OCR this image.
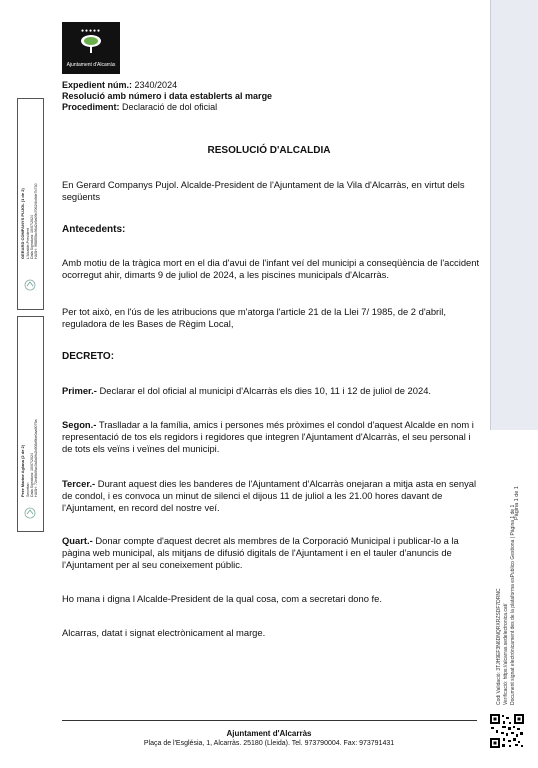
●●●●●
Ajuntament d'Alcarràs
Expedient núm.: 2340/2024
Resolució amb número i data establerts al marge
Procediment: Declaració de dol oficial
RESOLUCIÓ D'ALCALDIA
En Gerard Companys Pujol. Alcalde-President de l'Ajuntament de la Vila d'Alcarràs, en virtut dels següents
Antecedents:
Amb motiu de la tràgica mort en el dia d'avui de l'infant veí del municipi a conseqüència de l'accident ocorregut ahir, dimarts 9 de juliol de 2024, a les piscines municipals d'Alcarràs.
Per tot això, en l'ús de les atribucions que m'atorga l'article 21 de la Llei 7/ 1985, de 2 d'abril, reguladora de les Bases de Règim Local,
DECRETO:
Primer.- Declarar el dol oficial al municipi d'Alcarràs els dies 10, 11 i 12 de juliol de 2024.
Segon.- Traslladar a la família, amics i persones més pròximes el condol d'aquest Alcalde en nom i representació de tos els regidors i regidores que integren l'Ajuntament d'Alcarràs, el seu personal i de tots els veïns i veïnes del municipi.
Tercer.- Durant aquest dies les banderes de l'Ajuntament d'Alcarràs onejaran a mitja asta en senyal de condol, i es convoca un minut de silenci el dijous 11 de juliol a les 21.00 hores davant de l'Ajuntament, en record del nostre veí.
Quart.- Donar compte d'aquest decret als membres de la Corporació Municipal i publicar-lo a la pàgina web municipal, als mitjans de difusió digitals de l'Ajuntament i en el tauler d'anuncis de l'Ajuntament per al seu coneixement públic.
Ho mana i digna l Alcalde-President de la qual cosa, com a secretari dono fe.
Alcarras, datat i signat electrònicament al marge.
GERARD COMPANYS PUJOL (1 de 2) L'Alcalde-President Data Signatura: 10/07/2024 HASH: 9f8855bc96d2c9a09b7062f4b9de7b730
Pere Marine Aglana (2 de 2) Secretari Data Signatura: 10/07/2024 HASH: 72ed9b5fac3a5a0fc2b908d9be0aa9079a
Pàgina 1 de 1
Codi Validació: 3TJH9EF3N6DNQRXRZSDF7DRNC Verificació: https://alcarras.sedelectronica.cat/ Document signat electrònicament des de la plataforma esPublico Gestiona | Pàgina 1 de 1
Ajuntament d'Alcarràs
Plaça de l'Església, 1, Alcarràs. 25180 (Lleida). Tel. 973790004. Fax: 973791431
